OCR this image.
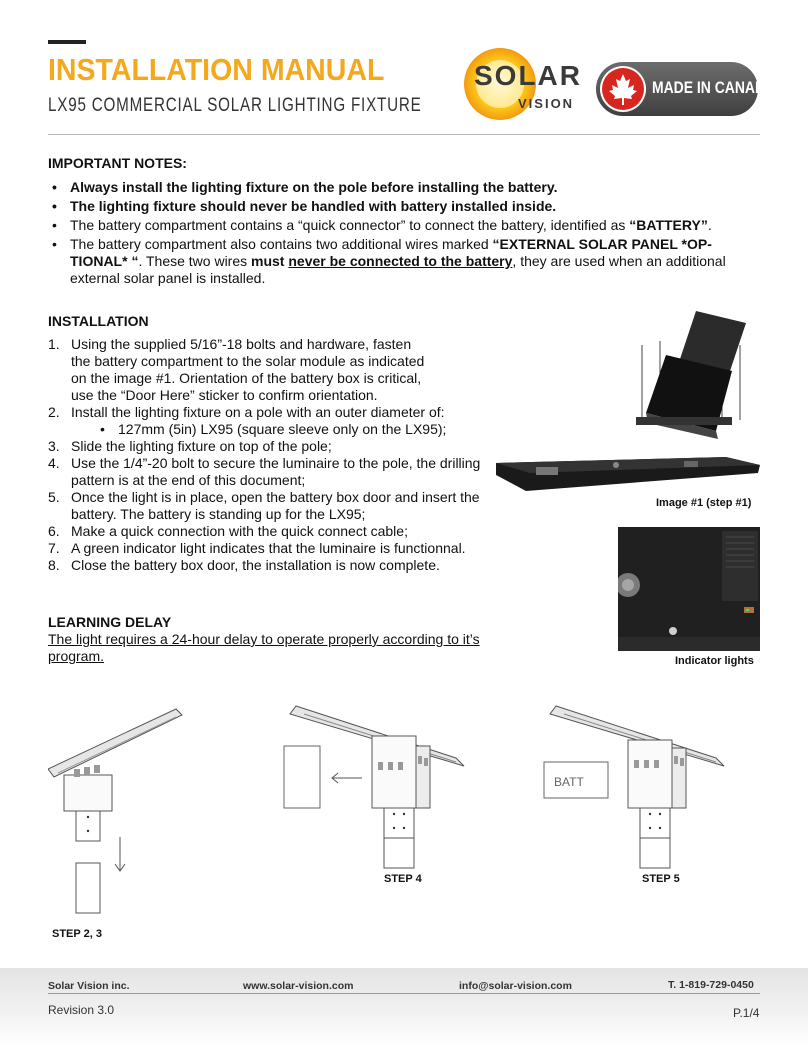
INSTALLATION MANUAL
LX95 COMMERCIAL SOLAR LIGHTING FIXTURE
SOLAR
VISION
MADE IN CANADA
IMPORTANT NOTES:
• Always install the lighting fixture on the pole before installing the battery.
• The lighting fixture should never be handled with battery installed inside.
• The battery compartment contains a “quick connector” to connect the battery, identified as “BATTERY”.
• The battery compartment also contains two additional wires marked “EXTERNAL SOLAR PANEL *OP-TIONAL* “. These two wires must never be connected to the battery, they are used when an additional external solar panel is installed.
INSTALLATION
1. Using the supplied 5/16”-18 bolts and hardware, fasten the battery compartment to the solar module as indicated on the image #1. Orientation of the battery box is critical, use the “Door Here” sticker to confirm orientation.
2. Install the lighting fixture on a pole with an outer diameter of:
• 127mm (5in) LX95 (square sleeve only on the LX95);
3. Slide the lighting fixture on top of the pole;
4. Use the 1/4”-20 bolt to secure the luminaire to the pole, the drilling pattern is at the end of this document;
5. Once the light is in place, open the battery box door and insert the battery. The battery is standing up for the LX95;
6. Make a quick connection with the quick connect cable;
7. A green indicator light indicates that the luminaire is functionnal.
8. Close the battery box door, the installation is now complete.
LEARNING DELAY
The light requires a 24-hour delay to operate properly according to it’s program.
Image #1 (step #1)
Indicator lights
STEP 2, 3
STEP 4
BATT
STEP 5
Solar Vision inc.	www.solar-vision.com	info@solar-vision.com	T. 1-819-729-0450
Revision 3.0	P.1/4
